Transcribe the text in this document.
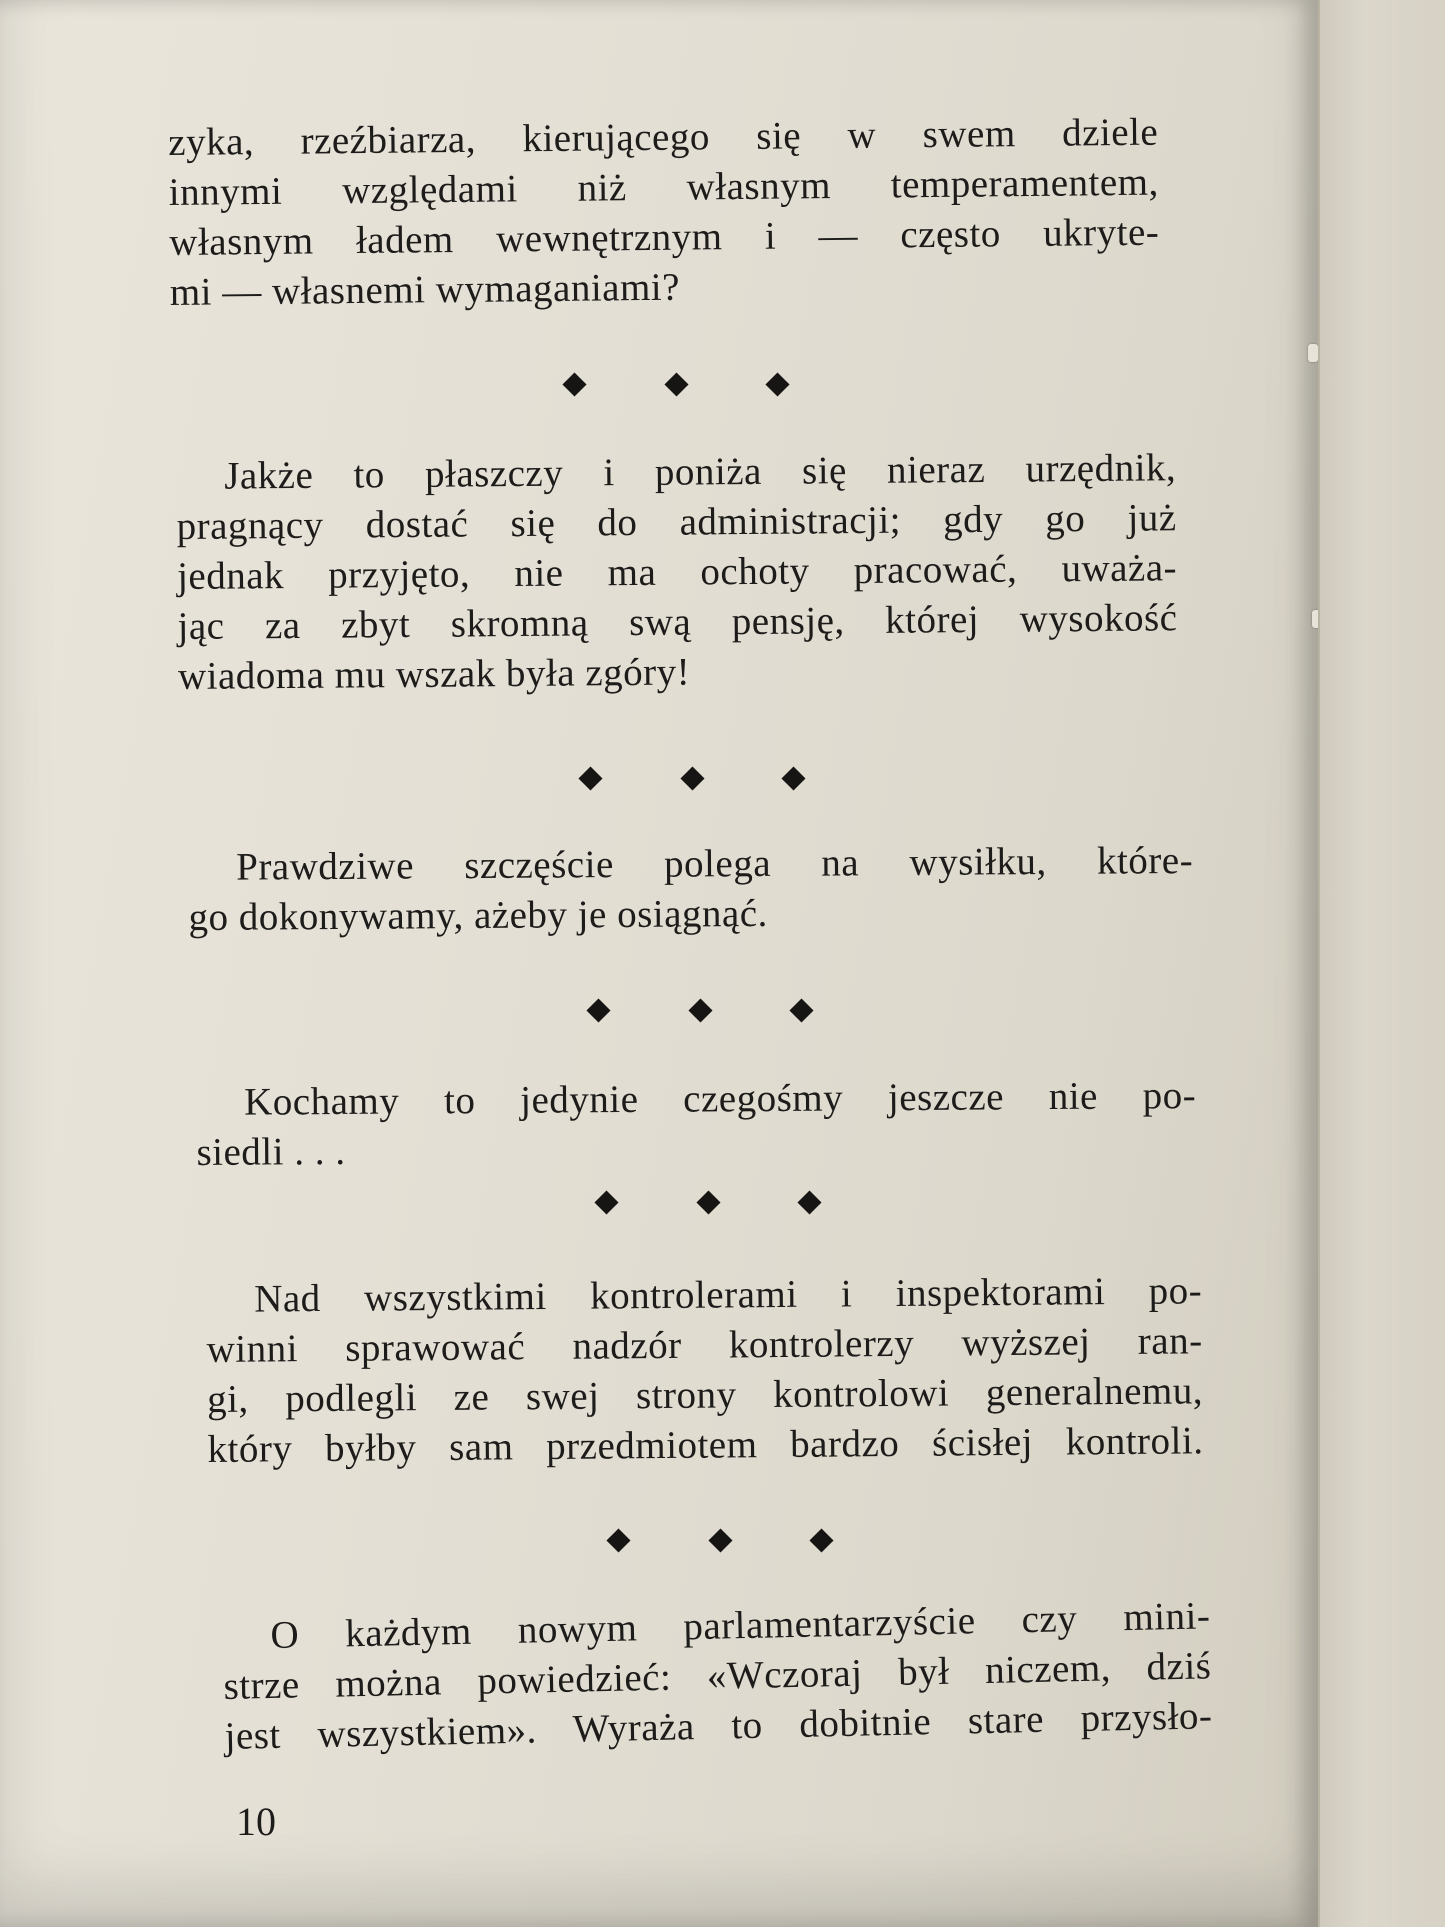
zyka, rzeźbiarza, kierującego się w swem dziele
innymi względami niż własnym temperamentem,
własnym ładem wewnętrznym i — często ukryte-
mi — własnemi wymaganiami?
Jakże to płaszczy i poniża się nieraz urzędnik,
pragnący dostać się do administracji; gdy go już
jednak przyjęto, nie ma ochoty pracować, uważa-
jąc za zbyt skromną swą pensję, której wysokość
wiadoma mu wszak była zgóry!
Prawdziwe szczęście polega na wysiłku, które-
go dokonywamy, ażeby je osiągnąć.
Kochamy to jedynie czegośmy jeszcze nie po-
siedli . . .
Nad wszystkimi kontrolerami i inspektorami po-
winni sprawować nadzór kontrolerzy wyższej ran-
gi, podlegli ze swej strony kontrolowi generalnemu,
który byłby sam przedmiotem bardzo ścisłej kontroli.
O każdym nowym parlamentarzyście czy mini-
strze można powiedzieć: «Wczoraj był niczem, dziś
jest wszystkiem». Wyraża to dobitnie stare przysło-
10
